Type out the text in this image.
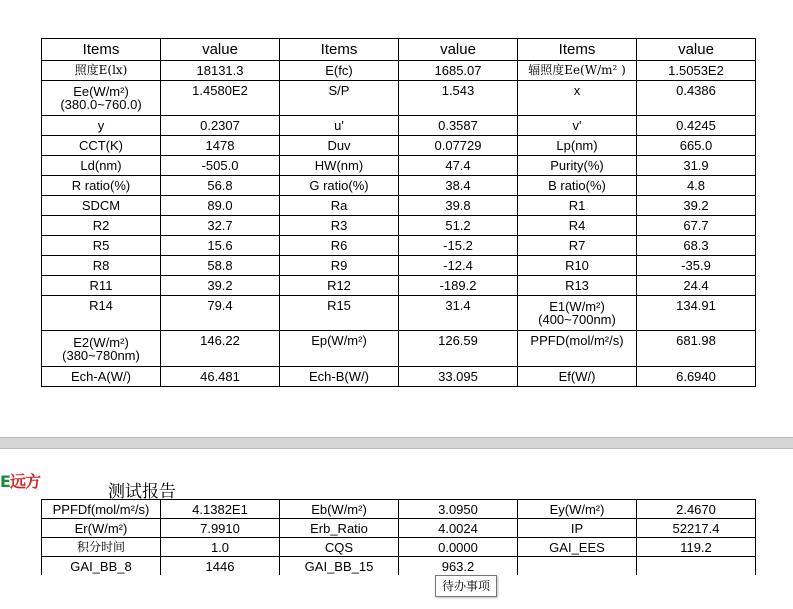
Items	value	Items	value	Items	value
照度E(lx)	18131.3	E(fc)	1685.07	辐照度Ee(W/m² )	1.5053E2
Ee(W/m²)(380.0~760.0)	1.4580E2	S/P	1.543	x	0.4386
y	0.2307	u'	0.3587	v'	0.4245
CCT(K)	1478	Duv	0.07729	Lp(nm)	665.0
Ld(nm)	-505.0	HW(nm)	47.4	Purity(%)	31.9
R ratio(%)	56.8	G ratio(%)	38.4	B ratio(%)	4.8
SDCM	89.0	Ra	39.8	R1	39.2
R2	32.7	R3	51.2	R4	67.7
R5	15.6	R6	-15.2	R7	68.3
R8	58.8	R9	-12.4	R10	-35.9
R11	39.2	R12	-189.2	R13	24.4
R14	79.4	R15	31.4	E1(W/m²)(400~700nm)	134.91
E2(W/m²)(380~780nm)	146.22	Ep(W/m²)	126.59	PPFD(mol/m²/s)	681.98
Ech-A(W/)	46.481	Ech-B(W/)	33.095	Ef(W/)	6.6940
E远方
测试报告
PPFDf(mol/m²/s)	4.1382E1	Eb(W/m²)	3.0950	Ey(W/m²)	2.4670
Er(W/m²)	7.9910	Erb_Ratio	4.0024	IP	52217.4
积分时间	1.0	CQS	0.0000	GAI_EES	119.2
GAI_BB_8	1446	GAI_BB_15	963.2		
待办事项
